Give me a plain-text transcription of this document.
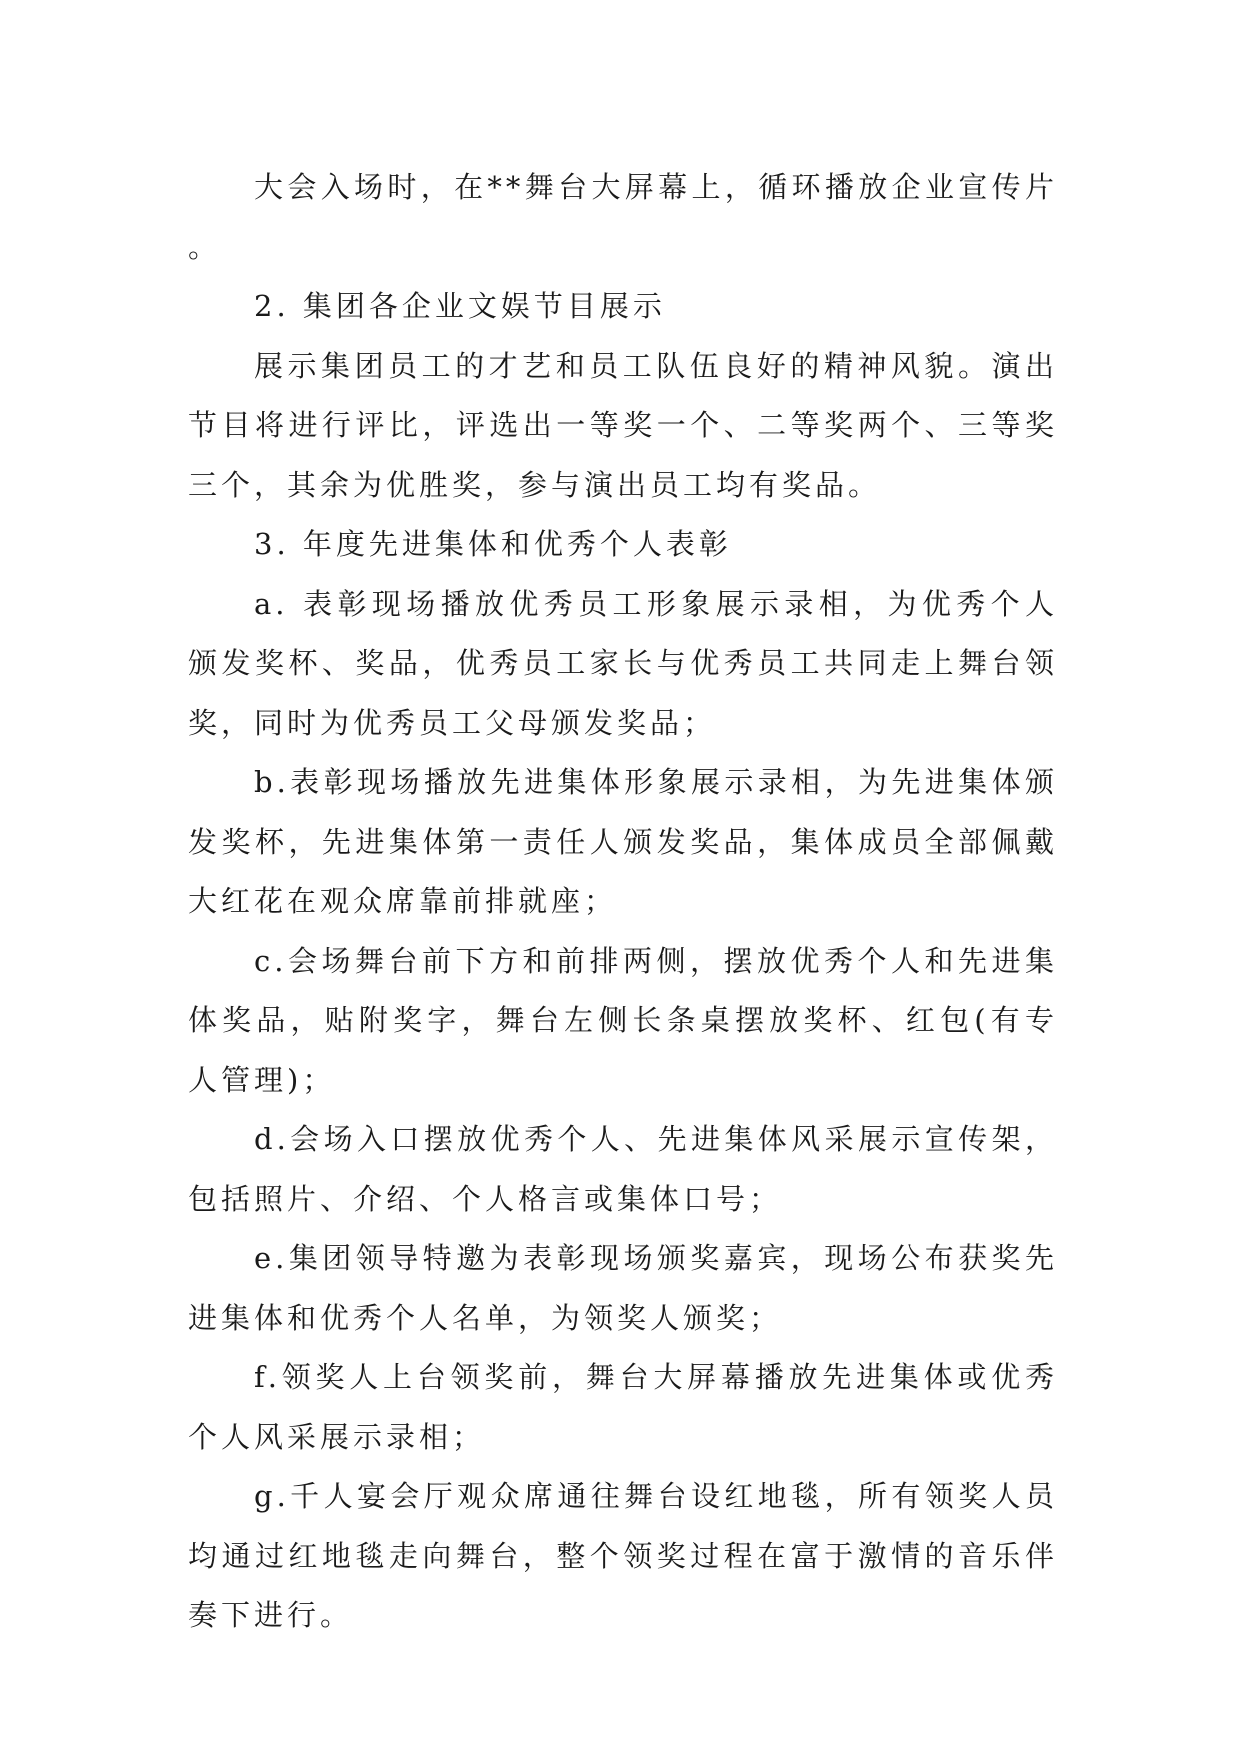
大会入场时，在**舞台大屏幕上，循环播放企业宣传片。

2. 集团各企业文娱节目展示

展示集团员工的才艺和员工队伍良好的精神风貌。演出节目将进行评比，评选出一等奖一个、二等奖两个、三等奖三个，其余为优胜奖，参与演出员工均有奖品。

3. 年度先进集体和优秀个人表彰

a. 表彰现场播放优秀员工形象展示录相，为优秀个人颁发奖杯、奖品，优秀员工家长与优秀员工共同走上舞台领奖，同时为优秀员工父母颁发奖品；

b.表彰现场播放先进集体形象展示录相，为先进集体颁发奖杯，先进集体第一责任人颁发奖品，集体成员全部佩戴大红花在观众席靠前排就座；

c.会场舞台前下方和前排两侧，摆放优秀个人和先进集体奖品，贴附奖字，舞台左侧长条桌摆放奖杯、红包(有专人管理)；

d.会场入口摆放优秀个人、先进集体风采展示宣传架，包括照片、介绍、个人格言或集体口号；

e.集团领导特邀为表彰现场颁奖嘉宾，现场公布获奖先进集体和优秀个人名单，为领奖人颁奖；

f.领奖人上台领奖前，舞台大屏幕播放先进集体或优秀个人风采展示录相；

g.千人宴会厅观众席通往舞台设红地毯，所有领奖人员均通过红地毯走向舞台，整个领奖过程在富于激情的音乐伴奏下进行。
